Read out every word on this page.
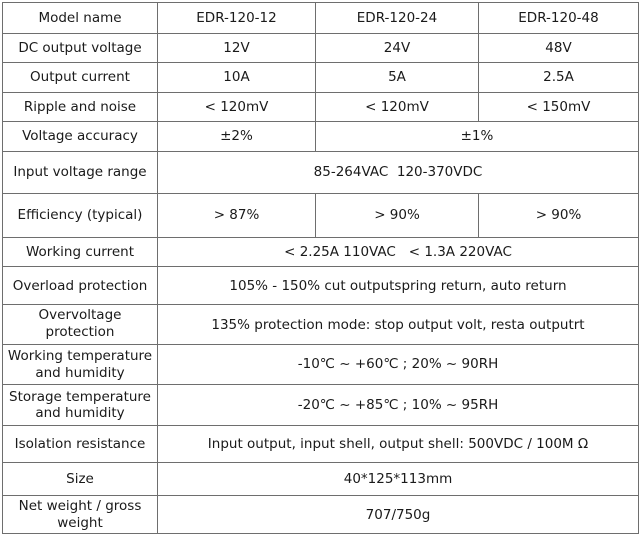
Model name	EDR-120-12	EDR-120-24	EDR-120-48
DC output voltage	12V	24V	48V
Output current	10A	5A	2.5A
Ripple and noise	< 120mV	< 120mV	< 150mV
Voltage accuracy	±2%	±1%	
Input voltage range	85-264VAC  120-370VDC		
Efficiency (typical)	> 87%	> 90%	> 90%
Working current	< 2.25A 110VAC   < 1.3A 220VAC		
Overload protection	105% - 150% cut outputspring return, auto return		
Overvoltage protection	135% protection mode: stop output volt, resta outputrt		
Working temperature and humidity	-10℃ ~ +60℃ ; 20% ~ 90RH		
Storage temperature and humidity	-20℃ ~ +85℃ ; 10% ~ 95RH		
Isolation resistance	Input output, input shell, output shell: 500VDC / 100M Ω		
Size	40*125*113mm		
Net weight / gross weight	707/750g		
